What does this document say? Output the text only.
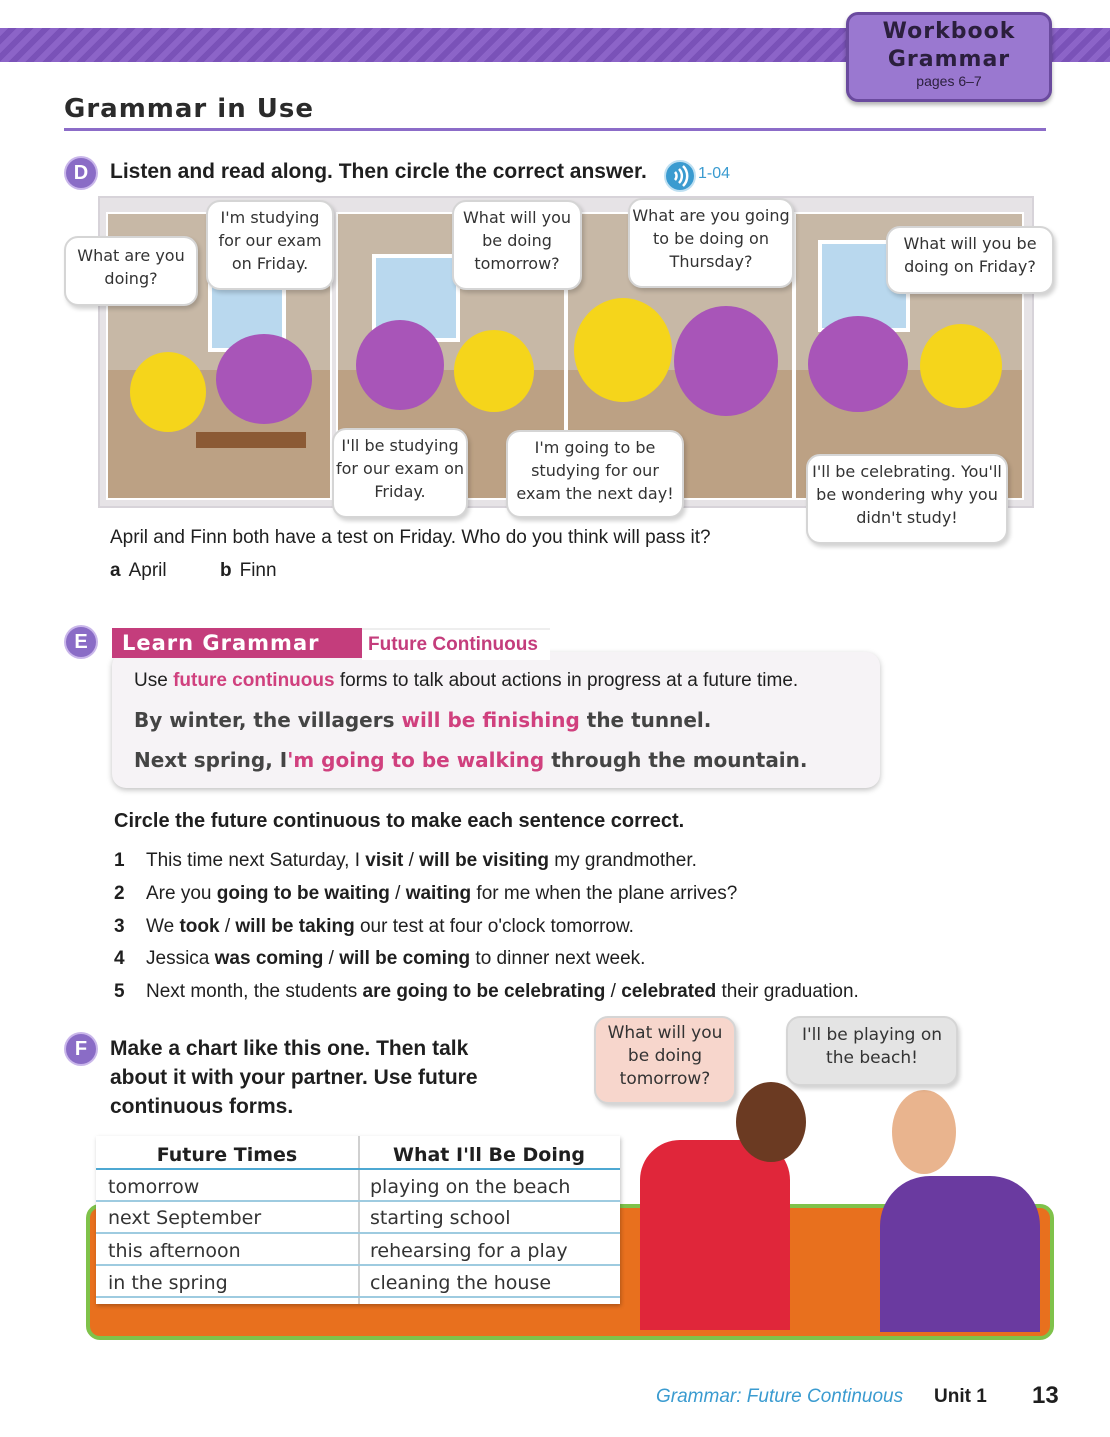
Workbook
Grammar
pages 6–7
Grammar in Use
D	Listen and read along. Then circle the correct answer.	1-04
What are you doing?
I'm studying for our exam on Friday.
What will you be doing tomorrow?
I'll be studying for our exam on Friday.
What are you going to be doing on Thursday?
I'm going to be studying for our exam the next day!
What will you be doing on Friday?
I'll be celebrating. You'll be wondering why you didn't study!
April and Finn both have a test on Friday. Who do you think will pass it?
a April	b Finn
E	Learn Grammar	Future Continuous
Use future continuous forms to talk about actions in progress at a future time.
By winter, the villagers will be finishing the tunnel.
Next spring, I'm going to be walking through the mountain.
Circle the future continuous to make each sentence correct.
1 This time next Saturday, I visit / will be visiting my grandmother.
2 Are you going to be waiting / waiting for me when the plane arrives?
3 We took / will be taking our test at four o'clock tomorrow.
4 Jessica was coming / will be coming to dinner next week.
5 Next month, the students are going to be celebrating / celebrated their graduation.
F	Make a chart like this one. Then talk about it with your partner. Use future continuous forms.
What will you be doing tomorrow?
I'll be playing on the beach!
Future Times	What I'll Be Doing
tomorrow	playing on the beach
next September	starting school
this afternoon	rehearsing for a play
in the spring	cleaning the house
Grammar: Future Continuous Unit 1 13
